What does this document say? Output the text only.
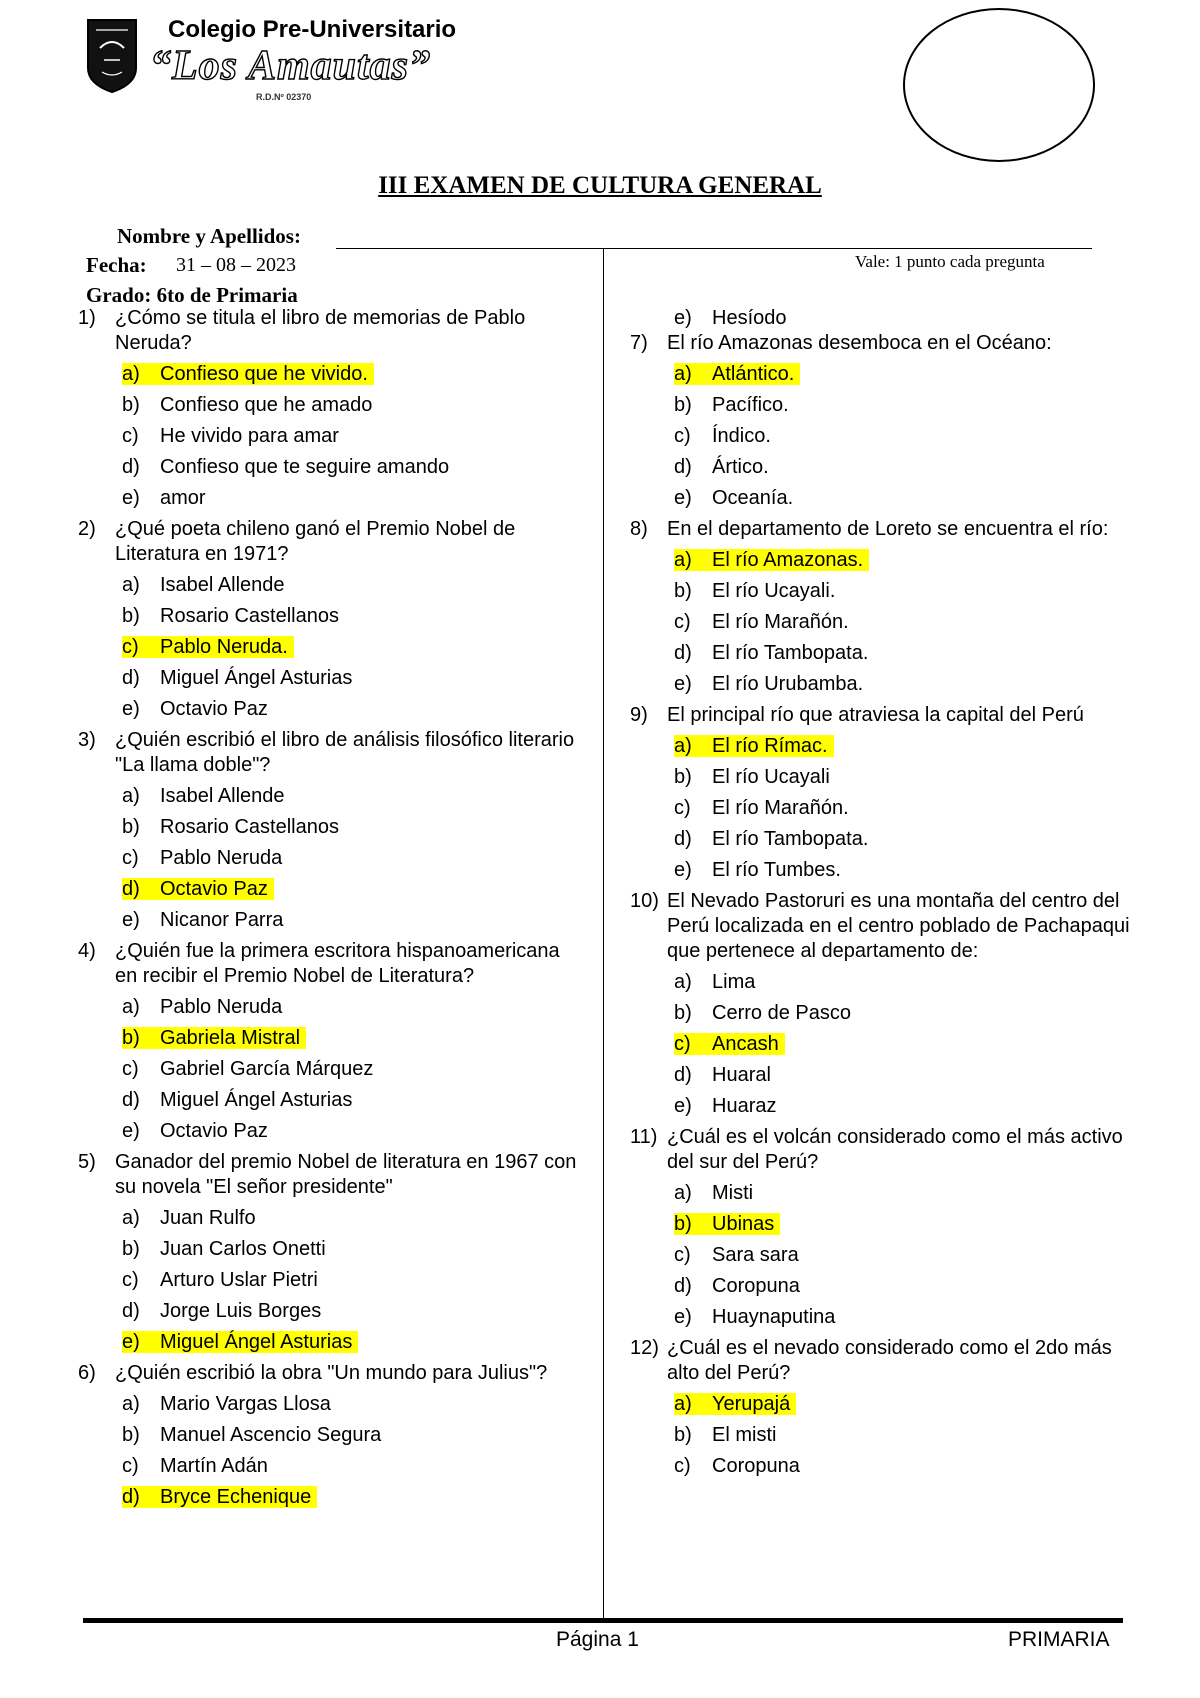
Colegio Pre-Universitario
“Los Amautas”
R.D.Nº 02370
III EXAMEN DE CULTURA GENERAL
Nombre y Apellidos:
Fecha: 31 – 08 – 2023
Grado: 6to de Primaria
Vale: 1 punto cada pregunta
1) ¿Cómo se titula el libro de memorias de Pablo Neruda?
a) Confieso que he vivido.
b) Confieso que he amado
c) He vivido para amar
d) Confieso que te seguire amando
e) amor
2) ¿Qué poeta chileno ganó el Premio Nobel de Literatura en 1971?
a) Isabel Allende
b) Rosario Castellanos
c) Pablo Neruda.
d) Miguel Ángel Asturias
e) Octavio Paz
3) ¿Quién escribió el libro de análisis filosófico literario "La llama doble"?
a) Isabel Allende
b) Rosario Castellanos
c) Pablo Neruda
d) Octavio Paz
e) Nicanor Parra
4) ¿Quién fue la primera escritora hispanoamericana en recibir el Premio Nobel de Literatura?
a) Pablo Neruda
b) Gabriela Mistral
c) Gabriel García Márquez
d) Miguel Ángel Asturias
e) Octavio Paz
5) Ganador del premio Nobel de literatura en 1967 con su novela "El señor presidente"
a) Juan Rulfo
b) Juan Carlos Onetti
c) Arturo Uslar Pietri
d) Jorge Luis Borges
e) Miguel Ángel Asturias
6) ¿Quién escribió la obra "Un mundo para Julius"?
a) Mario Vargas Llosa
b) Manuel Ascencio Segura
c) Martín Adán
d) Bryce Echenique
e) Hesíodo
7) El río Amazonas desemboca en el Océano:
a) Atlántico.
b) Pacífico.
c) Índico.
d) Ártico.
e) Oceanía.
8) En el departamento de Loreto se encuentra el río:
a) El río Amazonas.
b) El río Ucayali.
c) El río Marañón.
d) El río Tambopata.
e) El río Urubamba.
9) El principal río que atraviesa la capital del Perú
a) El río Rímac.
b) El río Ucayali
c) El río Marañón.
d) El río Tambopata.
e) El río Tumbes.
10) El Nevado Pastoruri es una montaña del centro del Perú localizada en el centro poblado de Pachapaqui que pertenece al departamento de:
a) Lima
b) Cerro de Pasco
c) Ancash
d) Huaral
e) Huaraz
11) ¿Cuál es el volcán considerado como el más activo del sur del Perú?
a) Misti
b) Ubinas
c) Sara sara
d) Coropuna
e) Huaynaputina
12) ¿Cuál es el nevado considerado como el 2do más alto del Perú?
a) Yerupajá
b) El misti
c) Coropuna
Página 1	PRIMARIA
